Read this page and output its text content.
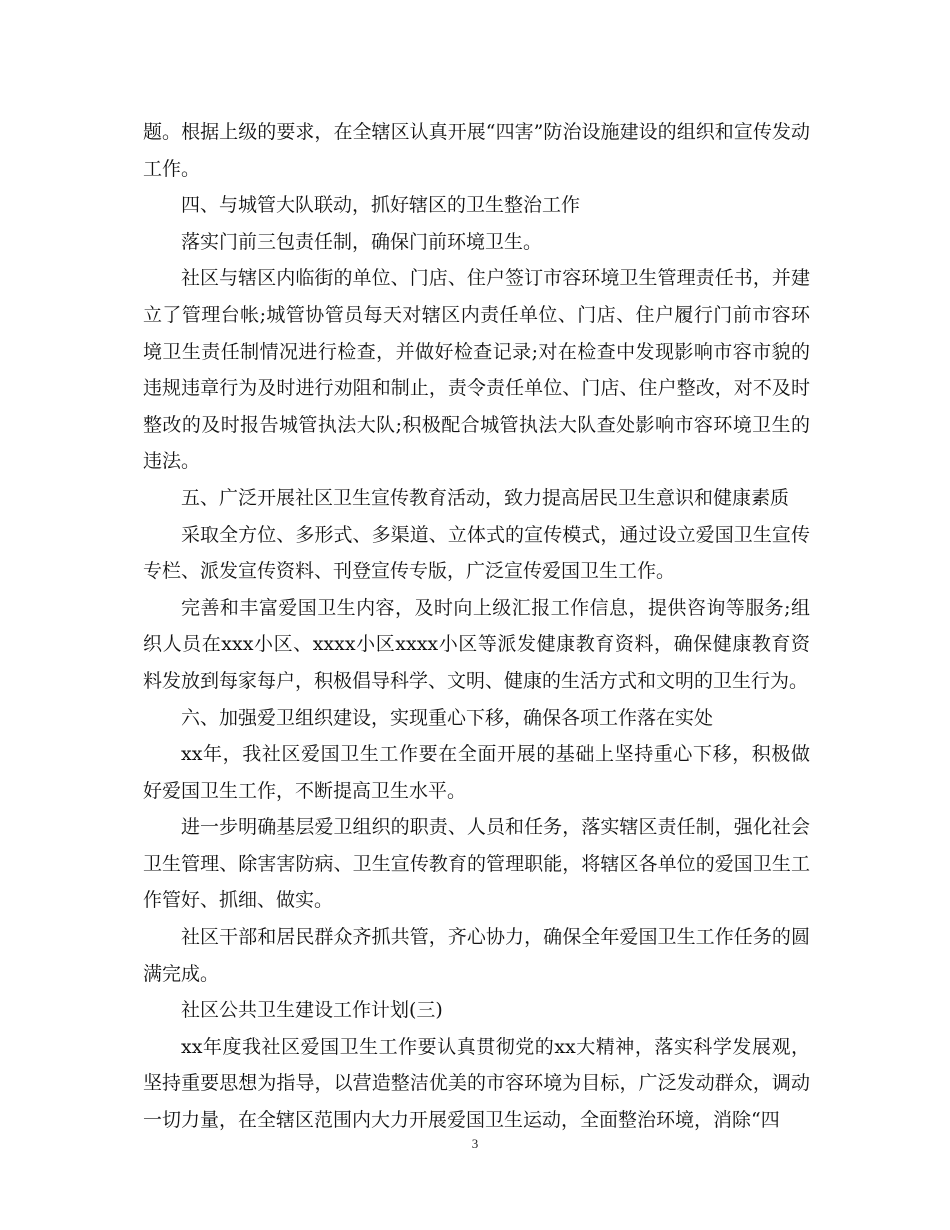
题。根据上级的要求，在全辖区认真开展“四害”防治设施建设的组织和宣传发动工作。

四、与城管大队联动，抓好辖区的卫生整治工作

落实门前三包责任制，确保门前环境卫生。

社区与辖区内临街的单位、门店、住户签订市容环境卫生管理责任书，并建立了管理台帐;城管协管员每天对辖区内责任单位、门店、住户履行门前市容环境卫生责任制情况进行检查，并做好检查记录;对在检查中发现影响市容市貌的违规违章行为及时进行劝阻和制止，责令责任单位、门店、住户整改，对不及时整改的及时报告城管执法大队;积极配合城管执法大队查处影响市容环境卫生的违法。

五、广泛开展社区卫生宣传教育活动，致力提高居民卫生意识和健康素质

采取全方位、多形式、多渠道、立体式的宣传模式，通过设立爱国卫生宣传专栏、派发宣传资料、刊登宣传专版，广泛宣传爱国卫生工作。

完善和丰富爱国卫生内容，及时向上级汇报工作信息，提供咨询等服务;组织人员在xxx小区、xxxx小区xxxx小区等派发健康教育资料，确保健康教育资料发放到每家每户，积极倡导科学、文明、健康的生活方式和文明的卫生行为。

六、加强爱卫组织建设，实现重心下移，确保各项工作落在实处

xx年，我社区爱国卫生工作要在全面开展的基础上坚持重心下移，积极做好爱国卫生工作，不断提高卫生水平。

进一步明确基层爱卫组织的职责、人员和任务，落实辖区责任制，强化社会卫生管理、除害害防病、卫生宣传教育的管理职能，将辖区各单位的爱国卫生工作管好、抓细、做实。

社区干部和居民群众齐抓共管，齐心协力，确保全年爱国卫生工作任务的圆满完成。

社区公共卫生建设工作计划(三)

xx年度我社区爱国卫生工作要认真贯彻党的xx大精神，落实科学发展观，坚持重要思想为指导，以营造整洁优美的市容环境为目标，广泛发动群众，调动一切力量，在全辖区范围内大力开展爱国卫生运动，全面整治环境，消除“四

3
